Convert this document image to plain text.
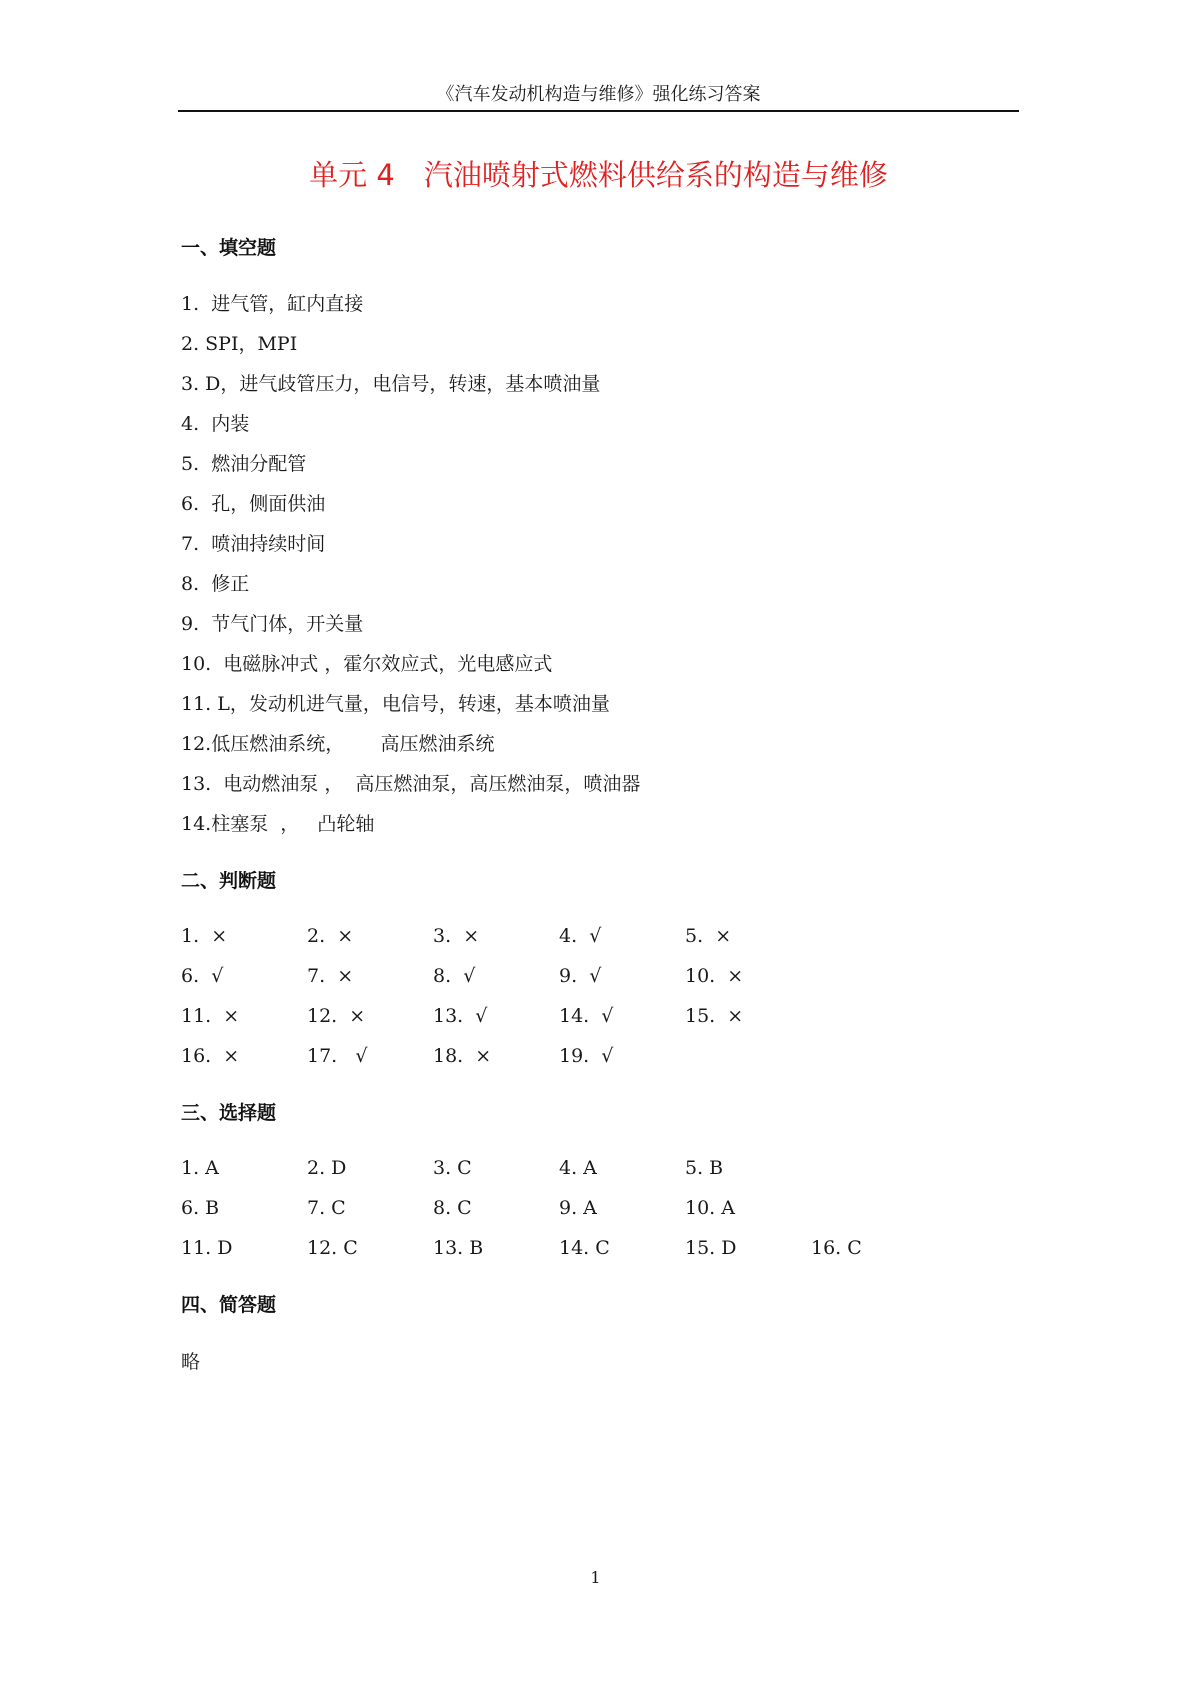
《汽车发动机构造与维修》强化练习答案
单元 4　汽油喷射式燃料供给系的构造与维修
一、填空题
1.  进气管，缸内直接
2. SPI，MPI
3. D，进气歧管压力，电信号，转速，基本喷油量
4.  内装
5.  燃油分配管
6.  孔，侧面供油
7.  喷油持续时间
8.  修正
9.  节气门体，开关量
10.  电磁脉冲式 ，霍尔效应式，光电感应式
11. L，发动机进气量，电信号，转速，基本喷油量
12.低压燃油系统，      高压燃油系统
13.  电动燃油泵 ，  高压燃油泵，高压燃油泵，喷油器
14.柱塞泵  ，   凸轮轴
二、判断题
1.  ×	2.  ×	3.  ×	4.  √	5.  ×
6.  √	7.  ×	8.  √	9.  √	10.  ×
11.  ×	12.  ×	13.  √	14.  √	15.  ×
16.  ×	17.   √	18.  ×	19.  √
三、选择题
1. A	2. D	3. C	4. A	5. B
6. B	7. C	8. C	9. A	10. A
11. D	12. C	13. B	14. C	15. D	16. C
四、简答题
略
1
